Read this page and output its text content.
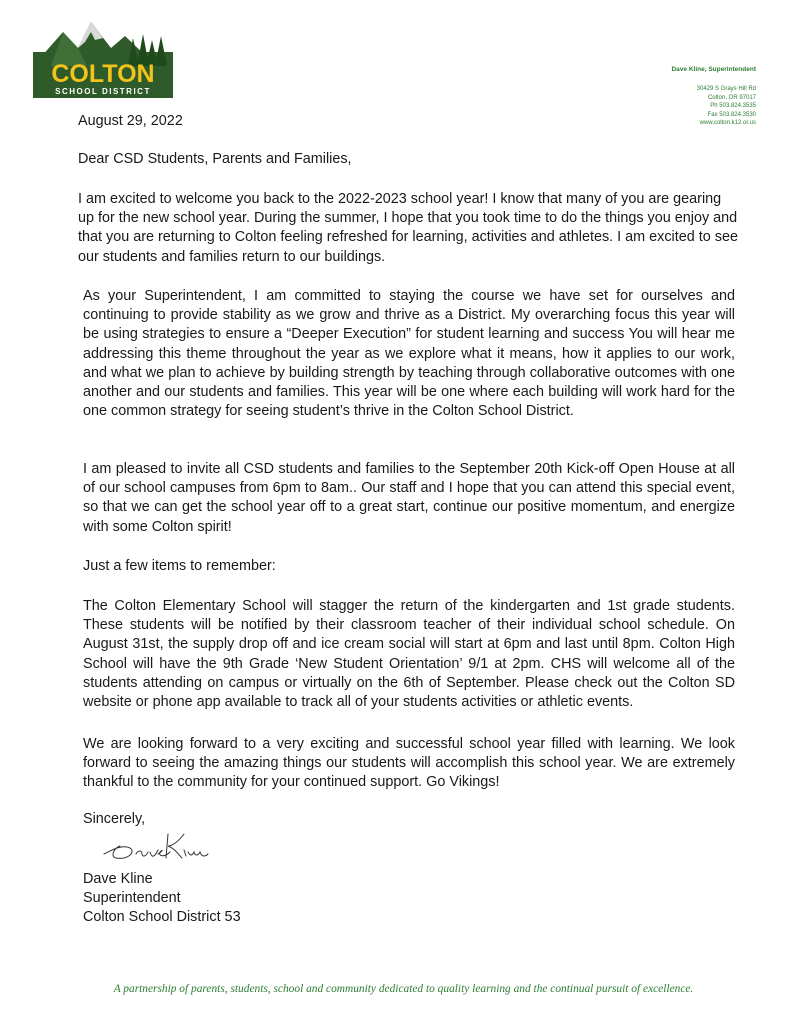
COLTON
SCHOOL DISTRICT
Dave Kline, Superintendent
30429 S Grays Hill Rd
Colton, OR 97017
Ph 503.824.3535
Fax 503.824.3530
www.colton.k12.or.us
August 29, 2022
Dear CSD Students, Parents and Families,
I am excited to welcome you back to the 2022-2023 school year! I know that many of you are gearing up for the new school year. During the summer, I hope that you took time to do the things you enjoy and that you are returning to Colton feeling refreshed for learning, activities and athletes. I am excited to see our students and families return to our buildings.
As your Superintendent, I am committed to staying the course we have set for ourselves and continuing to provide stability as we grow and thrive as a District. My overarching focus this year will be using strategies to ensure a “Deeper Execution” for student learning and success You will hear me addressing this theme throughout the year as we explore what it means, how it applies to our work, and what we plan to achieve by building strength by teaching through collaborative outcomes with one another and our students and families. This year will be one where each building will work hard for the one common strategy for seeing student’s thrive in the Colton School District.
I am pleased to invite all CSD students and families to the September 20th Kick-off Open House at all of our school campuses from 6pm to 8am.. Our staff and I hope that you can attend this special event, so that we can get the school year off to a great start, continue our positive momentum, and energize with some Colton spirit!
Just a few items to remember:
The Colton Elementary School will stagger the return of the kindergarten and 1st grade students. These students will be notified by their classroom teacher of their individual school schedule. On August 31st, the supply drop off and ice cream social will start at 6pm and last until 8pm. Colton High School will have the 9th Grade ‘New Student Orientation’ 9/1 at 2pm. CHS will welcome all of the students attending on campus or virtually on the 6th of September. Please check out the Colton SD website or phone app available to track all of your students activities or athletic events.
We are looking forward to a very exciting and successful school year filled with learning. We look forward to seeing the amazing things our students will accomplish this school year. We are extremely thankful to the community for your continued support. Go Vikings!
Sincerely,
Dave Kline
Superintendent
Colton School District 53
A partnership of parents, students, school and community dedicated to quality learning and the continual pursuit of excellence.
